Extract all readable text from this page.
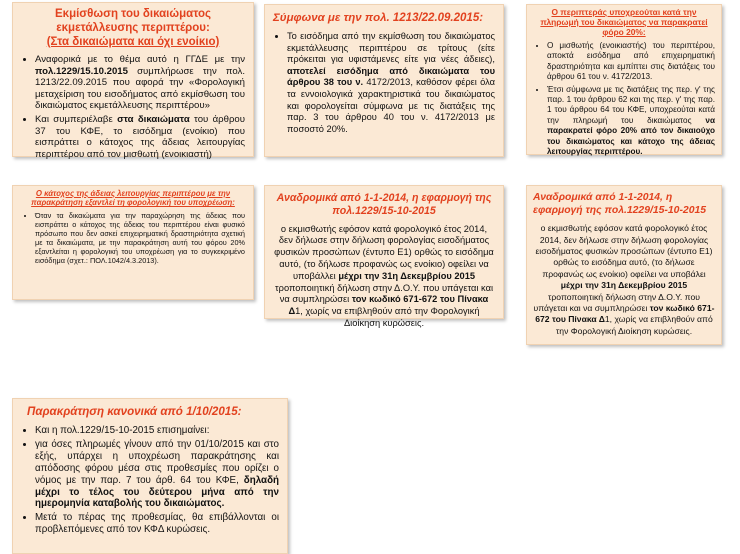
Εκμίσθωση του δικαιώματος εκμετάλλευσης περιπτέρου:
(Στα δικαιώματα και όχι ενοίκιο)

• Αναφορικά με το θέμα αυτό η ΓΓΔΕ με την πολ.1229/15.10.2015 συμπλήρωσε την πολ. 1213/22.09.2015 που αφορά την «Φορολογική μεταχείριση του εισοδήματος από εκμίσθωση του δικαιώματος εκμετάλλευσης περιπτέρου»
• Και συμπεριέλαβε στα δικαιώματα του άρθρου 37 του ΚΦΕ, το εισόδημα (ενοίκιο) που εισπράττει ο κάτοχος της άδειας λειτουργίας περιπτέρου από τον μισθωτή (ενοικιαστή)

Σύμφωνα με την πολ. 1213/22.09.2015:

• Το εισόδημα από την εκμίσθωση του δικαιώματος εκμετάλλευσης περιπτέρου σε τρίτους (είτε πρόκειται για υφιστάμενες είτε για νέες άδειες), αποτελεί εισόδημα από δικαιώματα του άρθρου 38 του ν. 4172/2013, καθόσον φέρει όλα τα εννοιολογικά χαρακτηριστικά του δικαιώματος και φορολογείται σύμφωνα με τις διατάξεις της παρ. 3 του άρθρου 40 του ν. 4172/2013 με ποσοστό 20%.

Ο περιπτεράς υποχρεούται κατά την πληρωμή του δικαιώματος να παρακρατεί φόρο 20%:

• Ο μισθωτής (ενοικιαστής) του περιπτέρου, αποκτά εισόδημα από επιχειρηματική δραστηριότητα και εμπίπτει στις διατάξεις του άρθρου 61 του ν. 4172/2013.
• Έτσι σύμφωνα με τις διατάξεις της περ. γ' της παρ. 1 του άρθρου 62 και της περ. γ' της παρ. 1 του άρθρου 64 του ΚΦΕ, υποχρεούται κατά την πληρωμή του δικαιώματος να παρακρατεί φόρο 20% από τον δικαιούχο του δικαιώματος και κάτοχο της άδειας λειτουργίας περιπτέρου.

Ο κάτοχος της άδειας λειτουργίας περιπτέρου με την παρακράτηση εξαντλεί τη φορολογική του υποχρέωση:

• Όταν τα δικαιώματα για την παραχώρηση της άδειας που εισπράττει ο κάτοχος της άδειας του περιπτέρου είναι φυσικό πρόσωπο που δεν ασκεί επιχειρηματική δραστηριότητα σχετική με τα δικαιώματα, με την παρακράτηση αυτή του φόρου 20% εξαντλείται η φορολογική του υποχρέωση για το συγκεκριμένο εισόδημα (σχετ.: ΠΟΛ.1042/4.3.2013).

Αναδρομικά από 1-1-2014, η εφαρμογή της πολ.1229/15-10-2015

ο εκμισθωτής εφόσον κατά φορολογικό έτος 2014, δεν δήλωσε στην δήλωση φορολογίας εισοδήματος φυσικών προσώπων (έντυπο Ε1) ορθώς το εισόδημα αυτό, (το δήλωσε προφανώς ως ενοίκιο) οφείλει να υποβάλλει μέχρι την 31η Δεκεμβρίου 2015 τροποποιητική δήλωση στην Δ.Ο.Υ. που υπάγεται και να συμπληρώσει τον κωδικό 671-672 του Πίνακα Δ1, χωρίς να επιβληθούν από την Φορολογική Διοίκηση κυρώσεις.

Αναδρομικά από 1-1-2014, η εφαρμογή της πολ.1229/15-10-2015

ο εκμισθωτής εφόσον κατά φορολογικό έτος 2014, δεν δήλωσε στην δήλωση φορολογίας εισοδήματος φυσικών προσώπων (έντυπο Ε1) ορθώς το εισόδημα αυτό, (το δήλωσε προφανώς ως ενοίκιο) οφείλει να υποβάλει μέχρι την 31η Δεκεμβρίου 2015 τροποποιητική δήλωση στην Δ.Ο.Υ. που υπάγεται και να συμπληρώσει τον κωδικό 671-672 του Πίνακα Δ1, χωρίς να επιβληθούν από την Φορολογική Διοίκηση κυρώσεις.

Παρακράτηση κανονικά από 1/10/2015:

• Και η πολ.1229/15-10-2015 επισημαίνει:
• για όσες πληρωμές γίνουν από την 01/10/2015 και στο εξής, υπάρχει η υποχρέωση παρακράτησης και απόδοσης φόρου μέσα στις προθεσμίες που ορίζει ο νόμος με την παρ. 7 του άρθ. 64 του ΚΦΕ, δηλαδή μέχρι το τέλος του δεύτερου μήνα από την ημερομηνία καταβολής του δικαιώματος.
• Μετά το πέρας της προθεσμίας, θα επιβάλλονται οι προβλεπόμενες από τον ΚΦΔ κυρώσεις.
